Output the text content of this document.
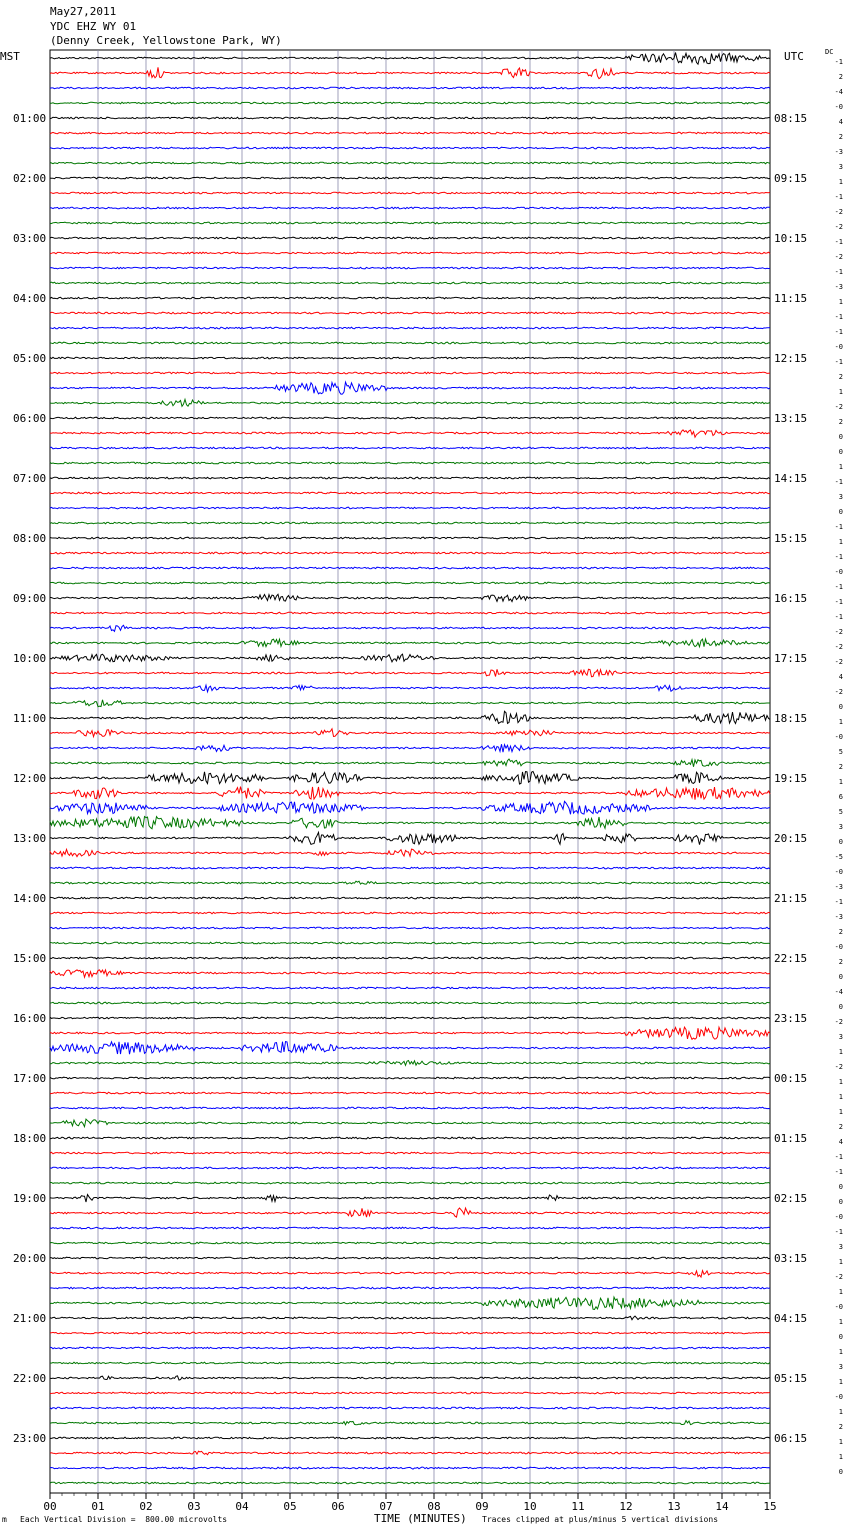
May27,2011
YDC EHZ WY 01
(Denny Creek, Yellowstone Park, WY)
MST	UTC	DC
01:00
02:00
03:00
04:00
05:00
06:00
07:00
08:00
09:00
10:00
11:00
12:00
13:00
14:00
15:00
16:00
17:00
18:00
19:00
20:00
21:00
22:00
23:00
08:15
09:15
10:15
11:15
12:15
13:15
14:15
15:15
16:15
17:15
18:15
19:15
20:15
21:15
22:15
23:15
00:15
01:15
02:15
03:15
04:15
05:15
06:15
-1
2
-4
-0
4
2
-3
3
1
-1
-2
-2
-1
-2
-1
-3
1
-1
-1
-0
-1
2
1
-2
2
0
0
1
-1
3
0
-1
1
-1
-0
-1
-1
-1
-2
-2
-2
4
-2
0
1
-0
5
2
1
6
5
3
0
-5
-0
-3
-1
-3
2
-0
2
0
-4
0
-2
3
1
-2
1
1
1
2
4
-1
-1
0
0
-0
-1
3
1
-2
1
-0
1
0
1
3
1
-0
1
2
1
1
0
00	01	02	03	04	05	06	07	08	09	10	11	12	13	14	15
m Each Vertical Division =  800.00 microvolts	TIME (MINUTES) Traces clipped at plus/minus 5 vertical divisions
